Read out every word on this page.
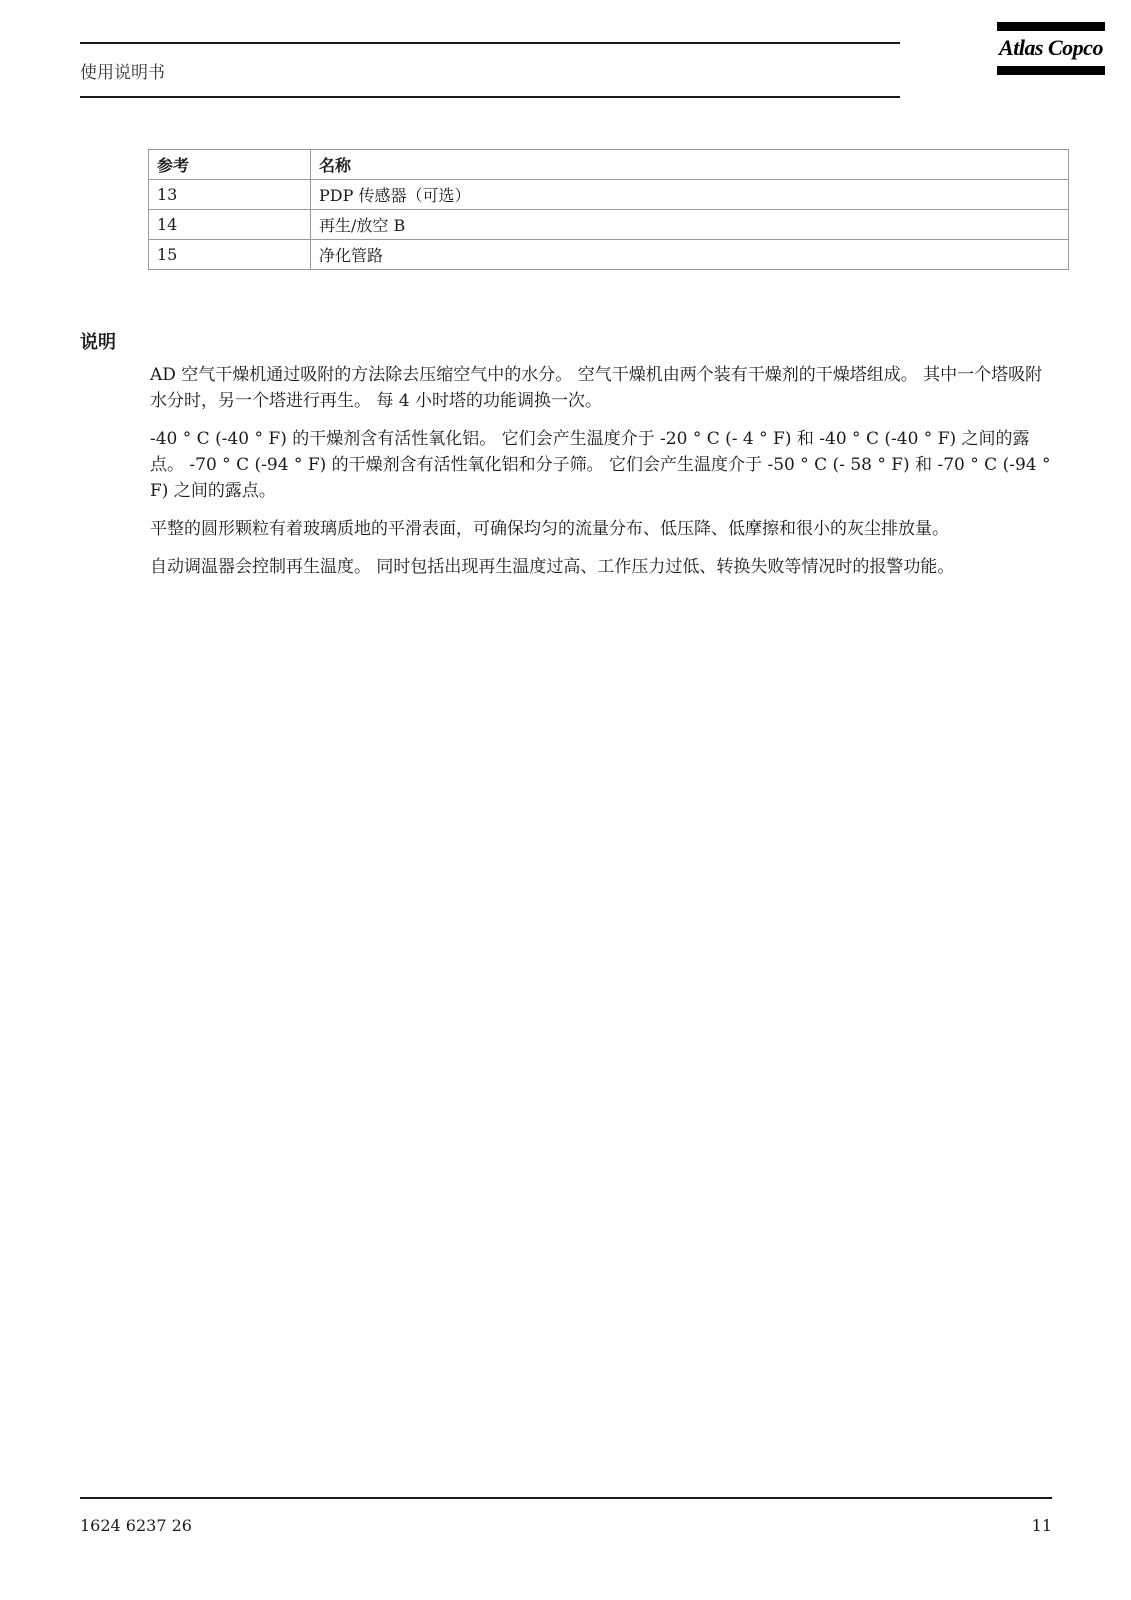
使用说明书
Atlas Copco
参考	名称
13	PDP 传感器（可选）
14	再生/放空 B
15	净化管路
说明

AD 空气干燥机通过吸附的方法除去压缩空气中的水分。 空气干燥机由两个装有干燥剂的干燥塔组成。 其中一个塔吸附水分时，另一个塔进行再生。 每 4 小时塔的功能调换一次。

-40 ° C (-40 ° F) 的干燥剂含有活性氧化铝。 它们会产生温度介于 -20 ° C (- 4 ° F) 和 -40 ° C (-40 ° F) 之间的露点。 -70 ° C (-94 ° F) 的干燥剂含有活性氧化铝和分子筛。 它们会产生温度介于 -50 ° C (- 58 ° F) 和 -70 ° C (-94 ° F) 之间的露点。

平整的圆形颗粒有着玻璃质地的平滑表面，可确保均匀的流量分布、低压降、低摩擦和很小的灰尘排放量。

自动调温器会控制再生温度。 同时包括出现再生温度过高、工作压力过低、转换失败等情况时的报警功能。

1624 6237 26	11
